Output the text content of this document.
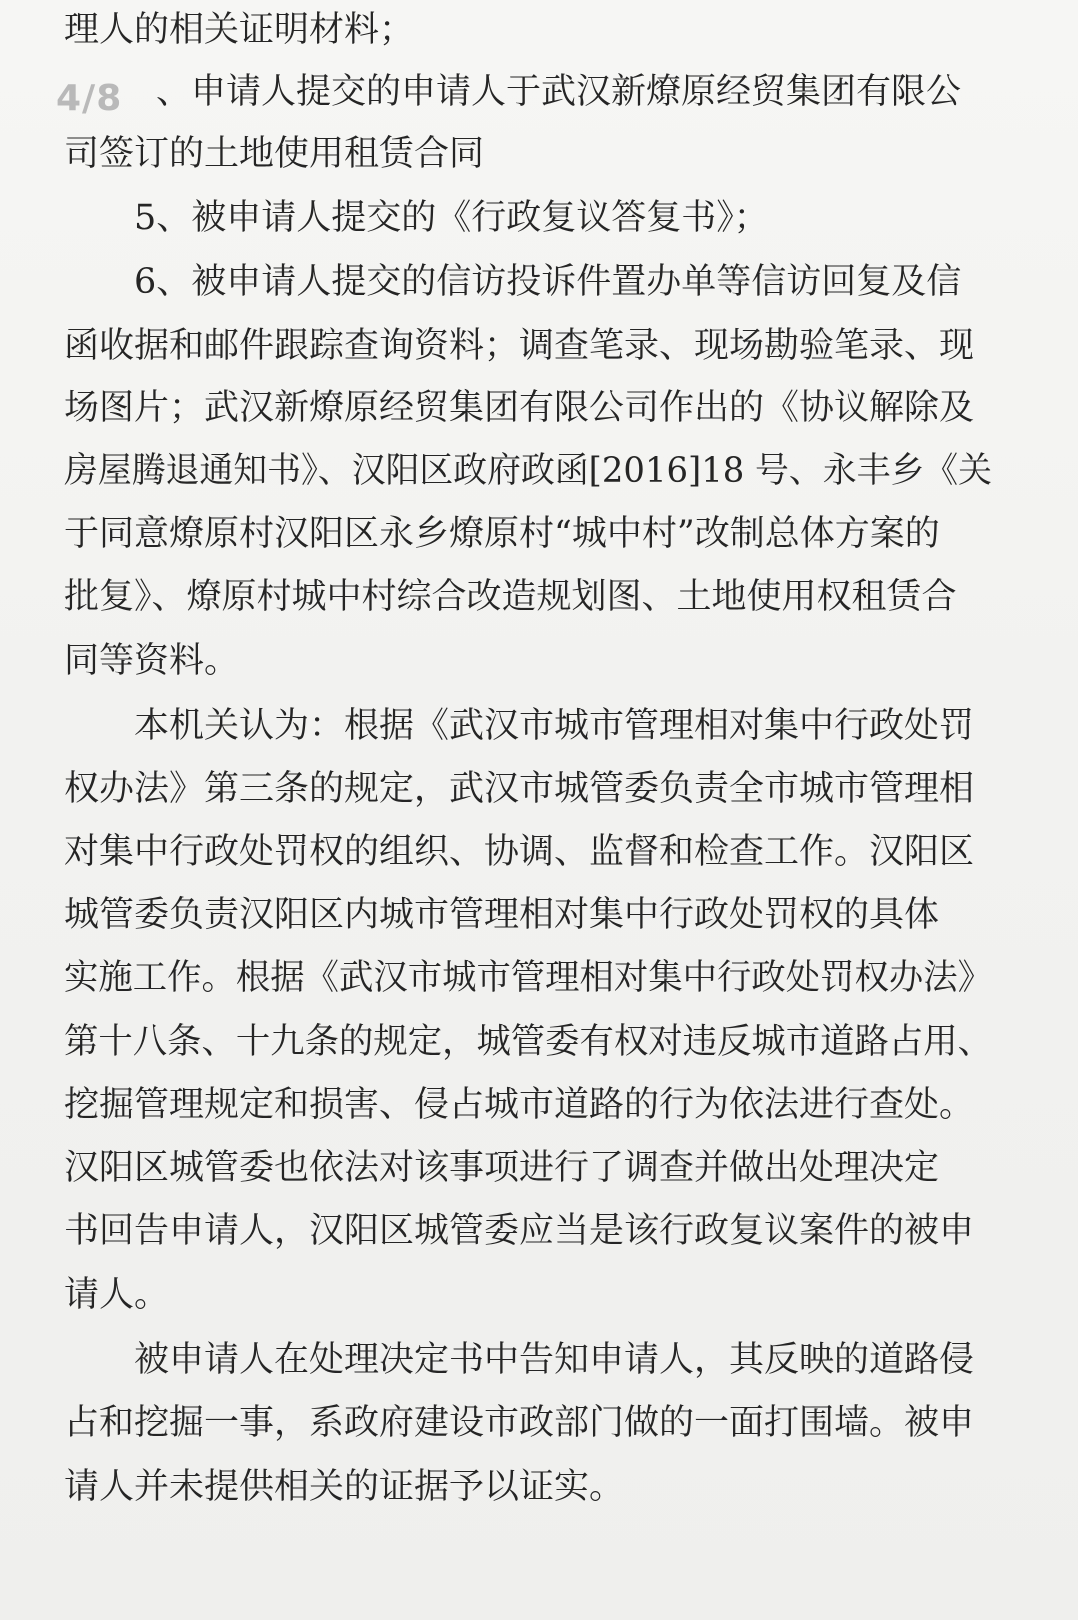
理人的相关证明材料；
4/8 、申请人提交的申请人于武汉新燎原经贸集团有限公
司签订的土地使用租赁合同
5、被申请人提交的《行政复议答复书》；
6、被申请人提交的信访投诉件置办单等信访回复及信
函收据和邮件跟踪查询资料；调查笔录、现场勘验笔录、现
场图片；武汉新燎原经贸集团有限公司作出的《协议解除及
房屋腾退通知书》、汉阳区政府政函[2016]18 号、永丰乡《关
于同意燎原村汉阳区永乡燎原村“城中村”改制总体方案的
批复》、燎原村城中村综合改造规划图、土地使用权租赁合
同等资料。
本机关认为：根据《武汉市城市管理相对集中行政处罚
权办法》第三条的规定，武汉市城管委负责全市城市管理相
对集中行政处罚权的组织、协调、监督和检查工作。汉阳区
城管委负责汉阳区内城市管理相对集中行政处罚权的具体
实施工作。根据《武汉市城市管理相对集中行政处罚权办法》
第十八条、十九条的规定，城管委有权对违反城市道路占用、
挖掘管理规定和损害、侵占城市道路的行为依法进行查处。
汉阳区城管委也依法对该事项进行了调查并做出处理决定
书回告申请人，汉阳区城管委应当是该行政复议案件的被申
请人。
被申请人在处理决定书中告知申请人，其反映的道路侵
占和挖掘一事，系政府建设市政部门做的一面打围墙。被申
请人并未提供相关的证据予以证实。
